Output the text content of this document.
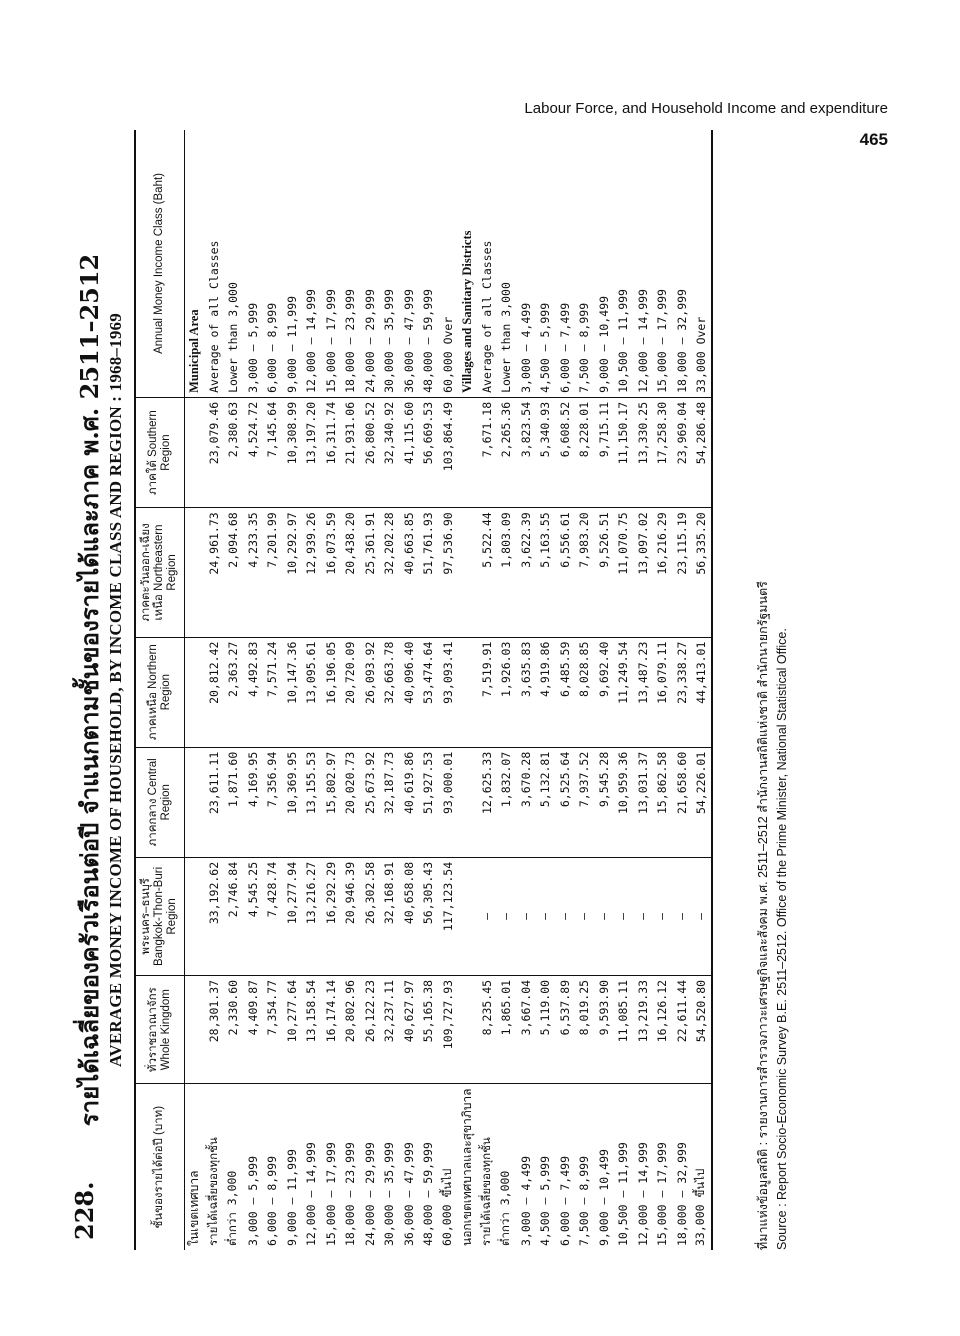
Labour Force, and Household Income and expenditure
465
228.
รายได้เฉลี่ยของครัวเรือนต่อปี จำแนกตามชั้นของรายได้และภาค พ.ศ. 2511–2512 AVERAGE MONEY INCOME OF HOUSEHOLD, BY INCOME CLASS AND REGION : 1968–1969
ชั้นของรายได้ต่อปี (บาท)	ทั่วราชอาณาจักร Whole Kingdom	พระนคร–ธนบุรี Bangkok-Thon-Buri Region	ภาคกลาง Central Region	ภาคเหนือ Northern Region	ภาคตะวันออก-เฉียงเหนือ Northeastern Region	ภาคใต้ Southern Region	Annual Money Income Class (Baht)
ในเขตเทศบาล							Municipal Area
รายได้เฉลี่ยของทุกชั้น	28,301.37	33,192.62	23,611.11	20,812.42	24,961.73	23,079.46	Average of all Classes
ต่ำกว่า 3,000	2,330.60	2,746.84	1,871.60	2,363.27	2,094.68	2,380.63	Lower than 3,000
3,000 – 5,999	4,409.87	4,545.25	4,169.95	4,492.83	4,233.35	4,524.72	3,000 – 5,999
6,000 – 8,999	7,354.77	7,428.74	7,356.94	7,571.24	7,201.99	7,145.64	6,000 – 8,999
9,000 – 11,999	10,277.64	10,277.94	10,369.95	10,147.36	10,292.97	10,308.99	9,000 – 11,999
12,000 – 14,999	13,158.54	13,216.27	13,155.53	13,095.61	12,939.26	13,197.20	12,000 – 14,999
15,000 – 17,999	16,174.14	16,292.29	15,802.97	16,196.05	16,073.59	16,311.74	15,000 – 17,999
18,000 – 23,999	20,802.96	20,946.39	20,020.73	20,720.09	20,438.20	21,931.06	18,000 – 23,999
24,000 – 29,999	26,122.23	26,302.58	25,673.92	26,093.92	25,361.91	26,800.52	24,000 – 29,999
30,000 – 35,999	32,237.11	32,168.91	32,187.73	32,663.78	32,202.28	32,340.92	30,000 – 35,999
36,000 – 47,999	40,627.97	40,658.08	40,619.86	40,096.40	40,663.85	41,115.60	36,000 – 47,999
48,000 – 59,999	55,165.38	56,305.43	51,927.53	53,474.64	51,761.93	56,669.53	48,000 – 59,999
60,000 ขึ้นไป	109,727.93	117,123.54	93,000.01	93,093.41	97,536.90	103,864.49	60,000 Over
นอกเขตเทศบาลและสุขาภิบาล							Villages and Sanitary Districts
รายได้เฉลี่ยของทุกชั้น	8,235.45	—	12,625.33	7,519.91	5,522.44	7,671.18	Average of all Classes
ต่ำกว่า 3,000	1,865.01	—	1,832.07	1,926.03	1,803.09	2,265.36	Lower than 3,000
3,000 – 4,499	3,667.04	—	3,670.28	3,635.83	3,622.39	3,823.54	3,000 – 4,499
4,500 – 5,999	5,119.00	—	5,132.81	4,919.86	5,163.55	5,340.93	4,500 – 5,999
6,000 – 7,499	6,537.89	—	6,525.64	6,485.59	6,556.61	6,608.52	6,000 – 7,499
7,500 – 8,999	8,019.25	—	7,937.52	8,028.85	7,983.20	8,228.01	7,500 – 8,999
9,000 – 10,499	9,593.90	—	9,545.28	9,692.40	9,526.51	9,715.11	9,000 – 10,499
10,500 – 11,999	11,085.11	—	10,959.36	11,249.54	11,070.75	11,150.17	10,500 – 11,999
12,000 – 14,999	13,219.33	—	13,031.37	13,487.23	13,097.02	13,330.25	12,000 – 14,999
15,000 – 17,999	16,126.12	—	15,862.58	16,079.11	16,216.29	17,258.30	15,000 – 17,999
18,000 – 32,999	22,611.44	—	21,658.60	23,338.27	23,115.19	23,969.04	18,000 – 32,999
33,000 ขึ้นไป	54,520.80	—	54,226.01	44,413.01	56,335.20	54,286.48	33,000 Over
ที่มาแห่งข้อมูลสถิติ : รายงานการสำรวจภาวะเศรษฐกิจและสังคม พ.ศ. 2511–2512 สำนักงานสถิติแห่งชาติ สำนักนายกรัฐมนตรี Source : Report Socio-Economic Survey B.E. 2511–2512. Office of the Prime Minister, National Statistical Office.
